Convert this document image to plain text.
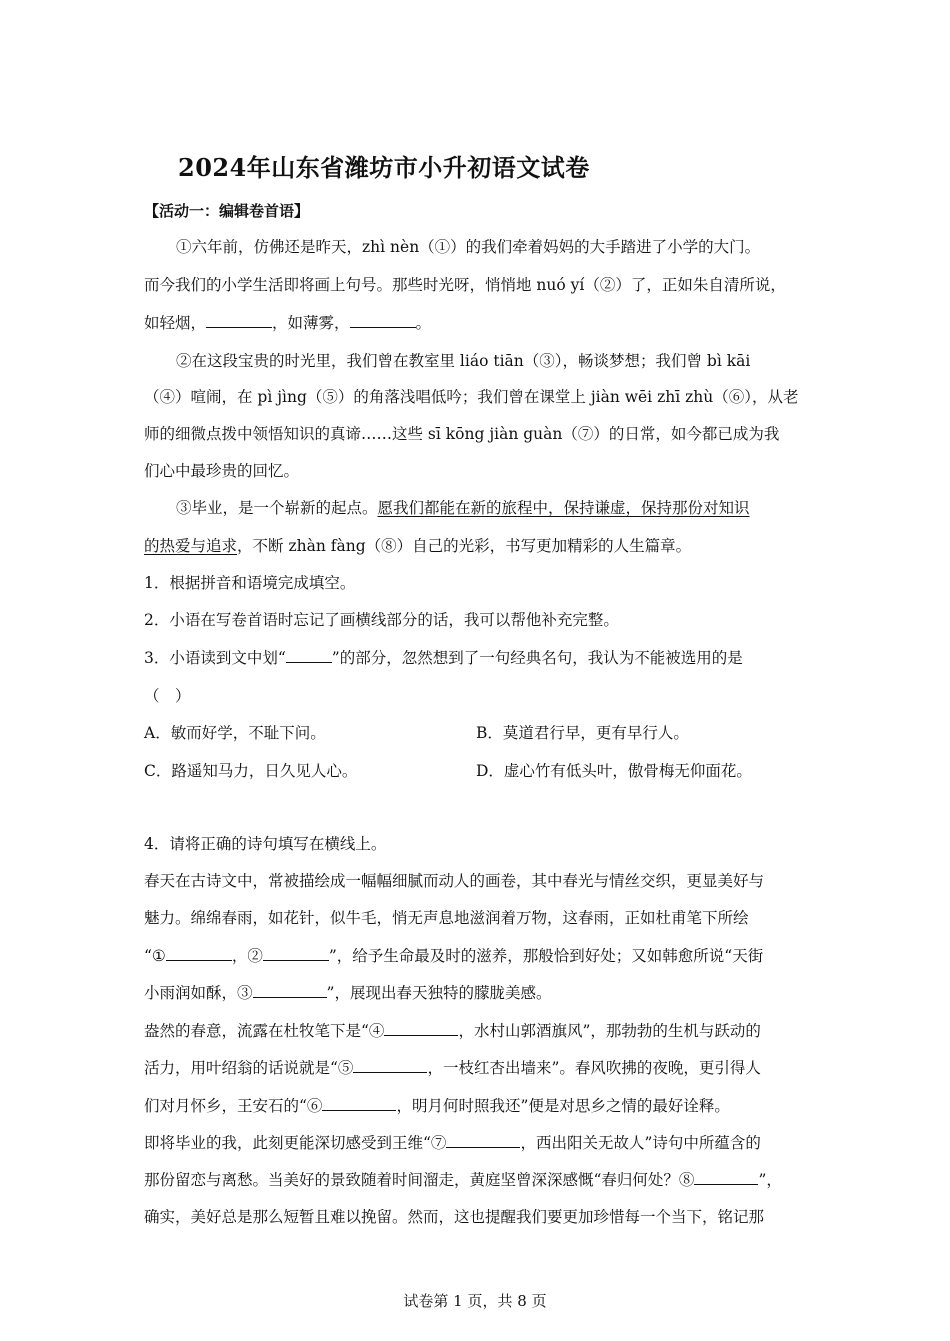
2024年山东省潍坊市小升初语文试卷
【活动一：编辑卷首语】
①六年前，仿佛还是昨天，zhì nèn（①）的我们牵着妈妈的大手踏进了小学的大门。
而今我们的小学生活即将画上句号。那些时光呀，悄悄地 nuó yí（②）了，正如朱自清所说，
如轻烟，	，如薄雾，	。
②在这段宝贵的时光里，我们曾在教室里 liáo tiān（③），畅谈梦想；我们曾 bì kāi
（④）喧闹，在 pì jìng（⑤）的角落浅唱低吟；我们曾在课堂上 jiàn wēi zhī zhù（⑥），从老
师的细微点拨中领悟知识的真谛……这些 sī kōng jiàn guàn（⑦）的日常，如今都已成为我
们心中最珍贵的回忆。
③毕业，是一个崭新的起点。愿我们都能在新的旅程中，保持谦虚，保持那份对知识
的热爱与追求，不断 zhàn fàng（⑧）自己的光彩，书写更加精彩的人生篇章。
1．根据拼音和语境完成填空。
2．小语在写卷首语时忘记了画横线部分的话，我可以帮他补充完整。
3．小语读到文中划“	”的部分，忽然想到了一句经典名句，我认为不能被选用的是
（　）
A．敏而好学，不耻下问。	B．莫道君行早，更有早行人。
C．路遥知马力，日久见人心。	D．虚心竹有低头叶，傲骨梅无仰面花。
4．请将正确的诗句填写在横线上。
春天在古诗文中，常被描绘成一幅幅细腻而动人的画卷，其中春光与情丝交织，更显美好与
魅力。绵绵春雨，如花针，似牛毛，悄无声息地滋润着万物，这春雨，正如杜甫笔下所绘
“①	，②	”，给予生命最及时的滋养，那般恰到好处；又如韩愈所说“天街
小雨润如酥，③	”，展现出春天独特的朦胧美感。
盎然的春意，流露在杜牧笔下是“④	，水村山郭酒旗风”，那勃勃的生机与跃动的
活力，用叶绍翁的话说就是“⑤	，一枝红杏出墙来”。春风吹拂的夜晚，更引得人
们对月怀乡，王安石的“⑥	，明月何时照我还”便是对思乡之情的最好诠释。
即将毕业的我，此刻更能深切感受到王维“⑦	，西出阳关无故人”诗句中所蕴含的
那份留恋与离愁。当美好的景致随着时间溜走，黄庭坚曾深深感慨“春归何处？⑧	”，
确实，美好总是那么短暂且难以挽留。然而，这也提醒我们要更加珍惜每一个当下，铭记那
试卷第 1 页，共 8 页
